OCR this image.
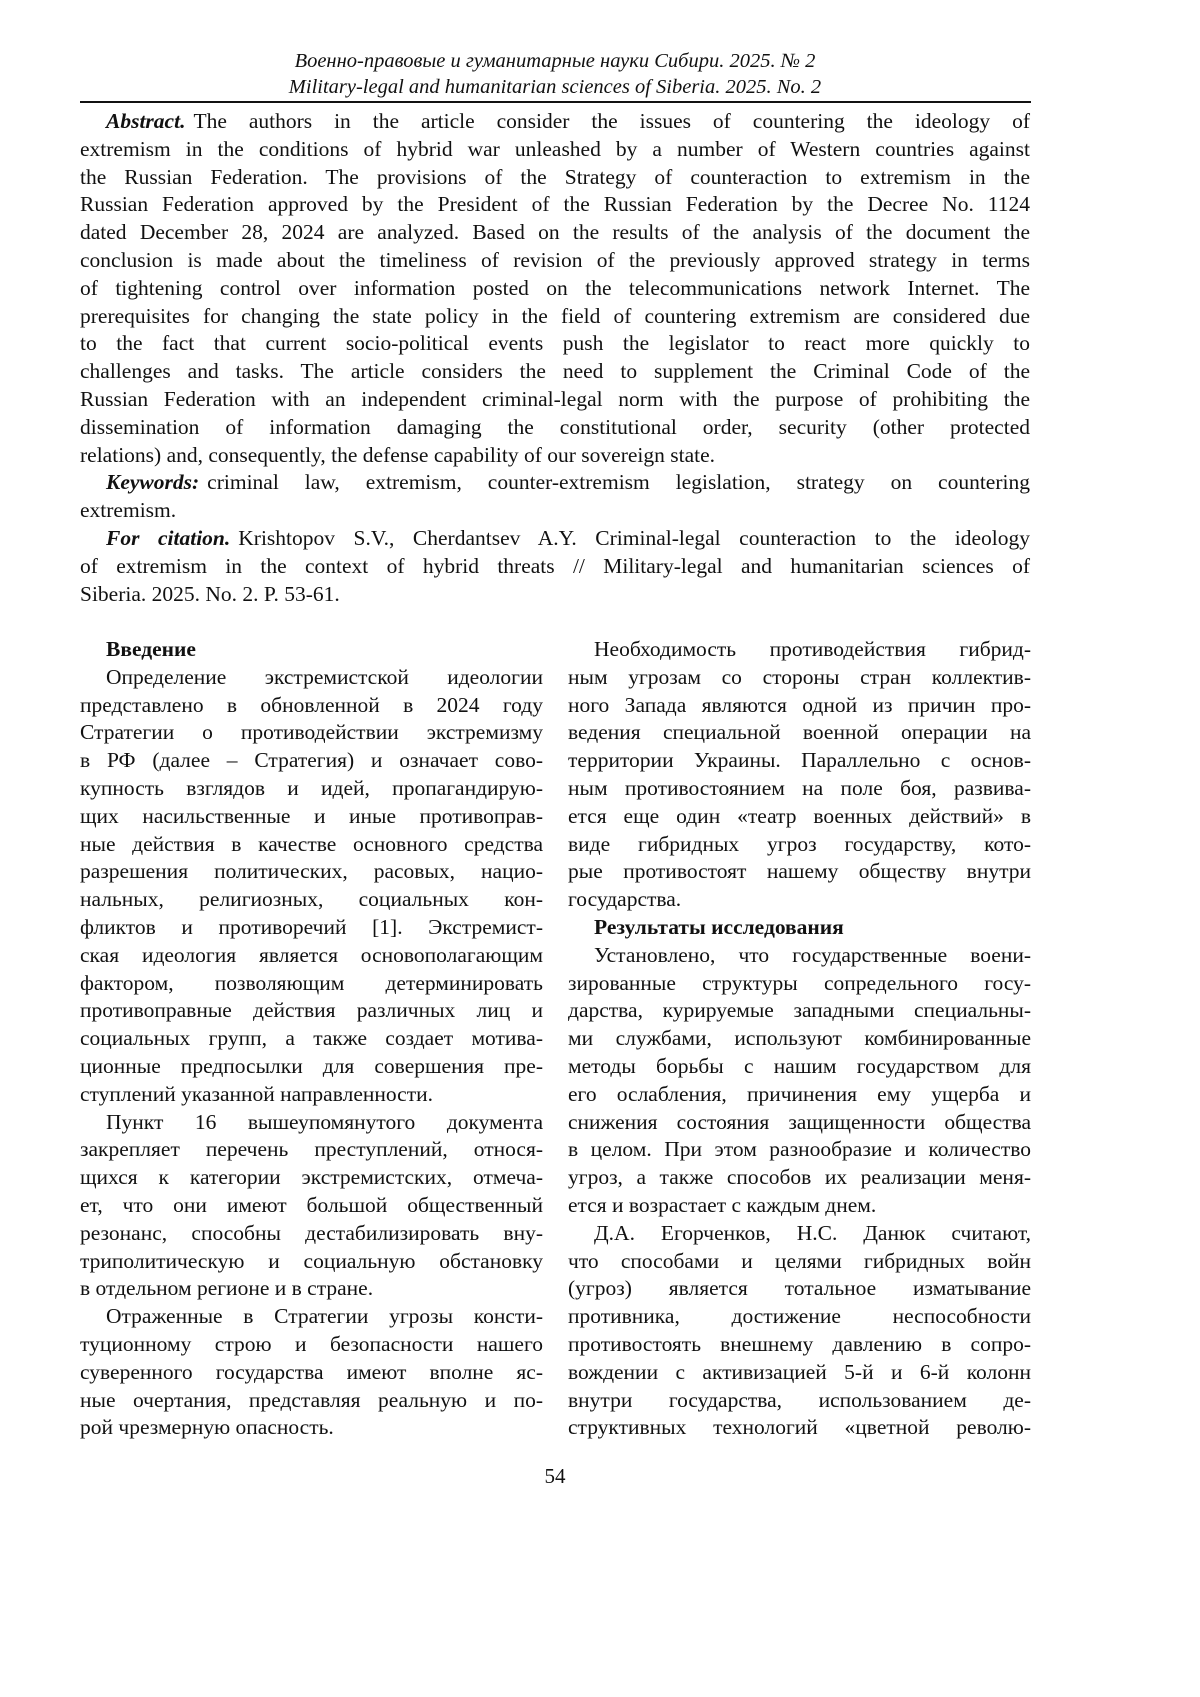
Военно-правовые и гуманитарные науки Сибири. 2025. № 2
Military-legal and humanitarian sciences of Siberia. 2025. No. 2
Abstract. The authors in the article consider the issues of countering the ideology of
extremism in the conditions of hybrid war unleashed by a number of Western countries against
the Russian Federation. The provisions of the Strategy of counteraction to extremism in the
Russian Federation approved by the President of the Russian Federation by the Decree No. 1124
dated December 28, 2024 are analyzed. Based on the results of the analysis of the document the
conclusion is made about the timeliness of revision of the previously approved strategy in terms
of tightening control over information posted on the telecommunications network Internet. The
prerequisites for changing the state policy in the field of countering extremism are considered due
to the fact that current socio-political events push the legislator to react more quickly to
challenges and tasks. The article considers the need to supplement the Criminal Code of the
Russian Federation with an independent criminal-legal norm with the purpose of prohibiting the
dissemination of information damaging the constitutional order, security (other protected
relations) and, consequently, the defense capability of our sovereign state.
Keywords: criminal law, extremism, counter-extremism legislation, strategy on countering
extremism.
For citation. Krishtopov S.V., Cherdantsev A.Y. Criminal-legal counteraction to the ideology
of extremism in the context of hybrid threats // Military-legal and humanitarian sciences of
Siberia. 2025. No. 2. P. 53-61.
Введение
Определение экстремистской идеологии
представлено в обновленной в 2024 году
Стратегии о противодействии экстремизму
в РФ (далее – Стратегия) и означает сово-
купность взглядов и идей, пропагандирую-
щих насильственные и иные противоправ-
ные действия в качестве основного средства
разрешения политических, расовых, нацио-
нальных, религиозных, социальных кон-
фликтов и противоречий [1]. Экстремист-
ская идеология является основополагающим
фактором, позволяющим детерминировать
противоправные действия различных лиц и
социальных групп, а также создает мотива-
ционные предпосылки для совершения пре-
ступлений указанной направленности.
Пункт 16 вышеупомянутого документа
закрепляет перечень преступлений, относя-
щихся к категории экстремистских, отмеча-
ет, что они имеют большой общественный
резонанс, способны дестабилизировать вну-
триполитическую и социальную обстановку
в отдельном регионе и в стране.
Отраженные в Стратегии угрозы консти-
туционному строю и безопасности нашего
суверенного государства имеют вполне яс-
ные очертания, представляя реальную и по-
рой чрезмерную опасность.
Необходимость противодействия гибрид-
ным угрозам со стороны стран коллектив-
ного Запада являются одной из причин про-
ведения специальной военной операции на
территории Украины. Параллельно с основ-
ным противостоянием на поле боя, развива-
ется еще один «театр военных действий» в
виде гибридных угроз государству, кото-
рые противостоят нашему обществу внутри
государства.
Результаты исследования
Установлено, что государственные воени-
зированные структуры сопредельного госу-
дарства, курируемые западными специальны-
ми службами, используют комбинированные
методы борьбы с нашим государством для
его ослабления, причинения ему ущерба и
снижения состояния защищенности общества
в целом. При этом разнообразие и количество
угроз, а также способов их реализации меня-
ется и возрастает с каждым днем.
Д.А. Егорченков, Н.С. Данюк считают,
что способами и целями гибридных войн
(угроз) является тотальное изматывание
противника, достижение неспособности
противостоять внешнему давлению в сопро-
вождении с активизацией 5-й и 6-й колонн
внутри государства, использованием де-
структивных технологий «цветной револю-
54
